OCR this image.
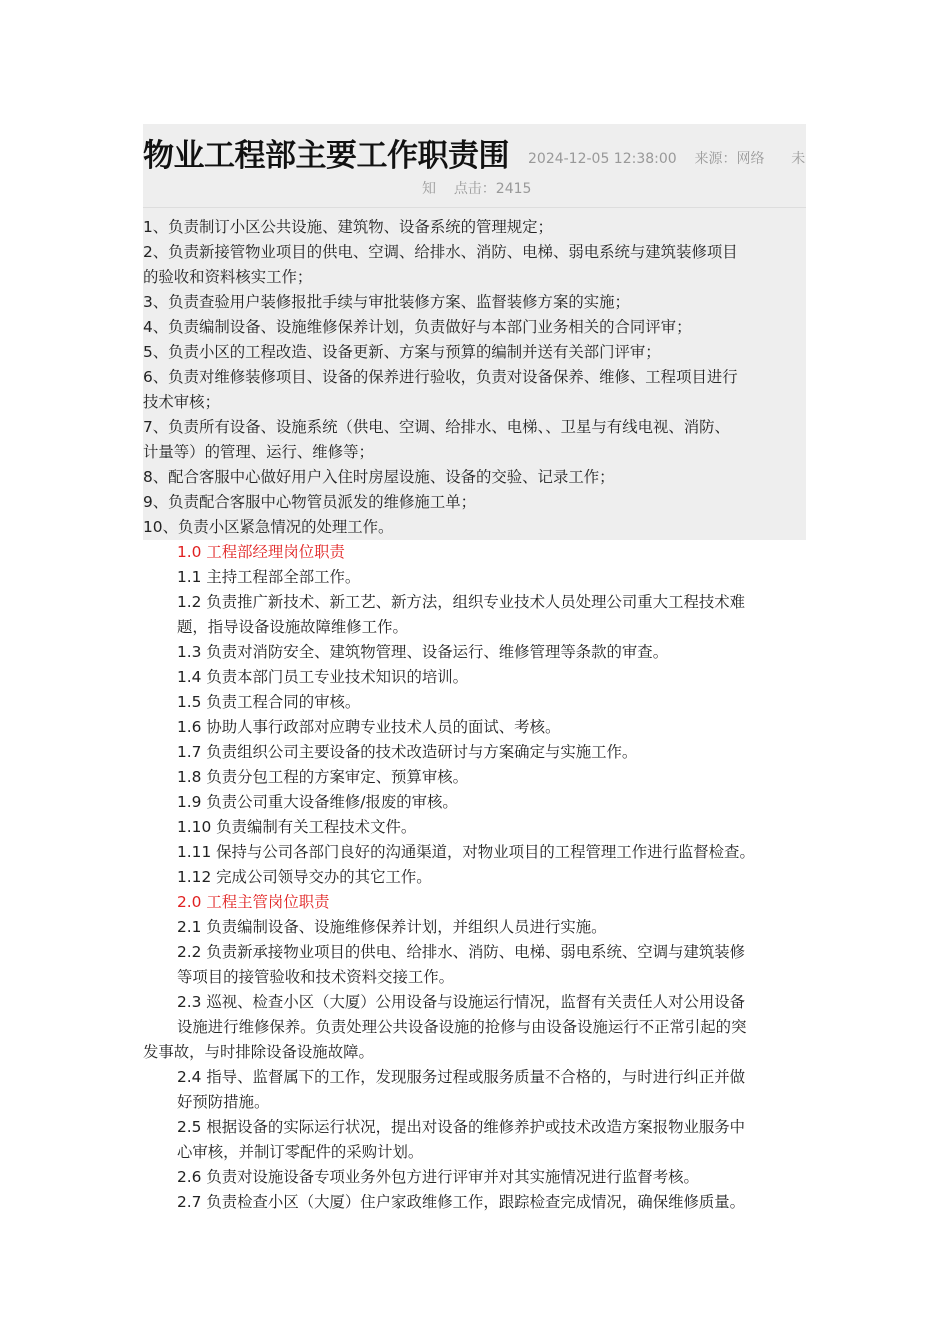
物业工程部主要工作职责围 2024-12-05 12:38:00 来源：网络 未
知 点击：2415
1、负责制订小区公共设施、建筑物、设备系统的管理规定；
2、负责新接管物业项目的供电、空调、给排水、消防、电梯、弱电系统与建筑装修项目
的验收和资料核实工作；
3、负责查验用户装修报批手续与审批装修方案、监督装修方案的实施；
4、负责编制设备、设施维修保养计划，负责做好与本部门业务相关的合同评审；
5、负责小区的工程改造、设备更新、方案与预算的编制并送有关部门评审；
6、负责对维修装修项目、设备的保养进行验收，负责对设备保养、维修、工程项目进行
技术审核；
7、负责所有设备、设施系统（供电、空调、给排水、电梯、、卫星与有线电视、消防、
计量等）的管理、运行、维修等；
8、配合客服中心做好用户入住时房屋设施、设备的交验、记录工作；
9、负责配合客服中心物管员派发的维修施工单；
10、负责小区紧急情况的处理工作。
1.0 工程部经理岗位职责
1.1 主持工程部全部工作。
1.2 负责推广新技术、新工艺、新方法，组织专业技术人员处理公司重大工程技术难
题，指导设备设施故障维修工作。
1.3 负责对消防安全、建筑物管理、设备运行、维修管理等条款的审查。
1.4 负责本部门员工专业技术知识的培训。
1.5 负责工程合同的审核。
1.6 协助人事行政部对应聘专业技术人员的面试、考核。
1.7 负责组织公司主要设备的技术改造研讨与方案确定与实施工作。
1.8 负责分包工程的方案审定、预算审核。
1.9 负责公司重大设备维修/报废的审核。
1.10 负责编制有关工程技术文件。
1.11 保持与公司各部门良好的沟通渠道，对物业项目的工程管理工作进行监督检查。
1.12 完成公司领导交办的其它工作。
2.0 工程主管岗位职责
2.1 负责编制设备、设施维修保养计划，并组织人员进行实施。
2.2 负责新承接物业项目的供电、给排水、消防、电梯、弱电系统、空调与建筑装修
等项目的接管验收和技术资料交接工作。
2.3 巡视、检查小区（大厦）公用设备与设施运行情况，监督有关责任人对公用设备
设施进行维修保养。负责处理公共设备设施的抢修与由设备设施运行不正常引起的突
发事故，与时排除设备设施故障。
2.4 指导、监督属下的工作，发现服务过程或服务质量不合格的，与时进行纠正并做
好预防措施。
2.5 根据设备的实际运行状况，提出对设备的维修养护或技术改造方案报物业服务中
心审核，并制订零配件的采购计划。
2.6 负责对设施设备专项业务外包方进行评审并对其实施情况进行监督考核。
2.7 负责检查小区（大厦）住户家政维修工作，跟踪检查完成情况，确保维修质量。
